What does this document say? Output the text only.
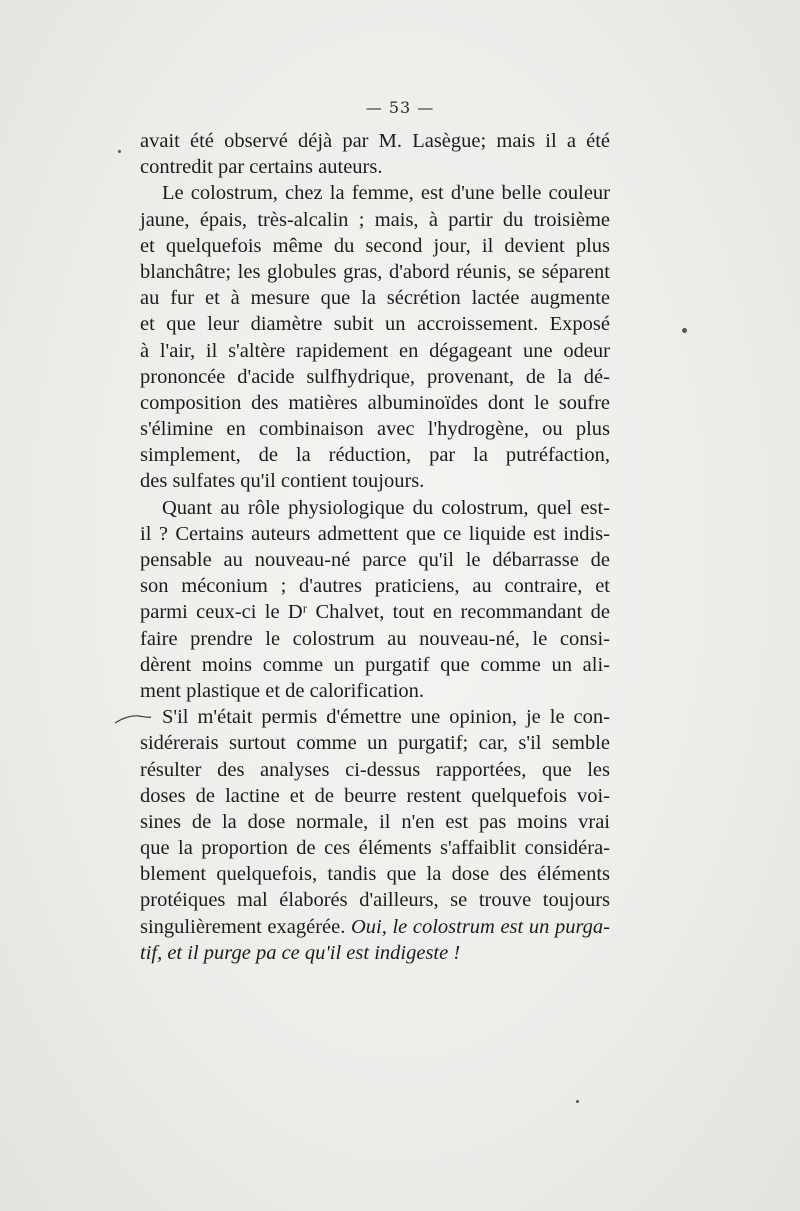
— 53 —
avait été observé déjà par M. Lasègue; mais il a été
contredit par certains auteurs.
Le colostrum, chez la femme, est d'une belle couleur
jaune, épais, très-alcalin ; mais, à partir du troisième
et quelquefois même du second jour, il devient plus
blanchâtre; les globules gras, d'abord réunis, se séparent
au fur et à mesure que la sécrétion lactée augmente
et que leur diamètre subit un accroissement. Exposé
à l'air, il s'altère rapidement en dégageant une odeur
prononcée d'acide sulfhydrique, provenant, de la dé-
composition des matières albuminoïdes dont le soufre
s'élimine en combinaison avec l'hydrogène, ou plus
simplement, de la réduction, par la putréfaction,
des sulfates qu'il contient toujours.
Quant au rôle physiologique du colostrum, quel est-
il ? Certains auteurs admettent que ce liquide est indis-
pensable au nouveau-né parce qu'il le débarrasse de
son méconium ; d'autres praticiens, au contraire, et
parmi ceux-ci le Dʳ Chalvet, tout en recommandant de
faire prendre le colostrum au nouveau-né, le consi-
dèrent moins comme un purgatif que comme un ali-
ment plastique et de calorification.
S'il m'était permis d'émettre une opinion, je le con-
sidérerais surtout comme un purgatif; car, s'il semble
résulter des analyses ci-dessus rapportées, que les
doses de lactine et de beurre restent quelquefois voi-
sines de la dose normale, il n'en est pas moins vrai
que la proportion de ces éléments s'affaiblit considéra-
blement quelquefois, tandis que la dose des éléments
protéiques mal élaborés d'ailleurs, se trouve toujours
singulièrement exagérée. Oui, le colostrum est un purga-
tif, et il purge pa ce qu'il est indigeste !
